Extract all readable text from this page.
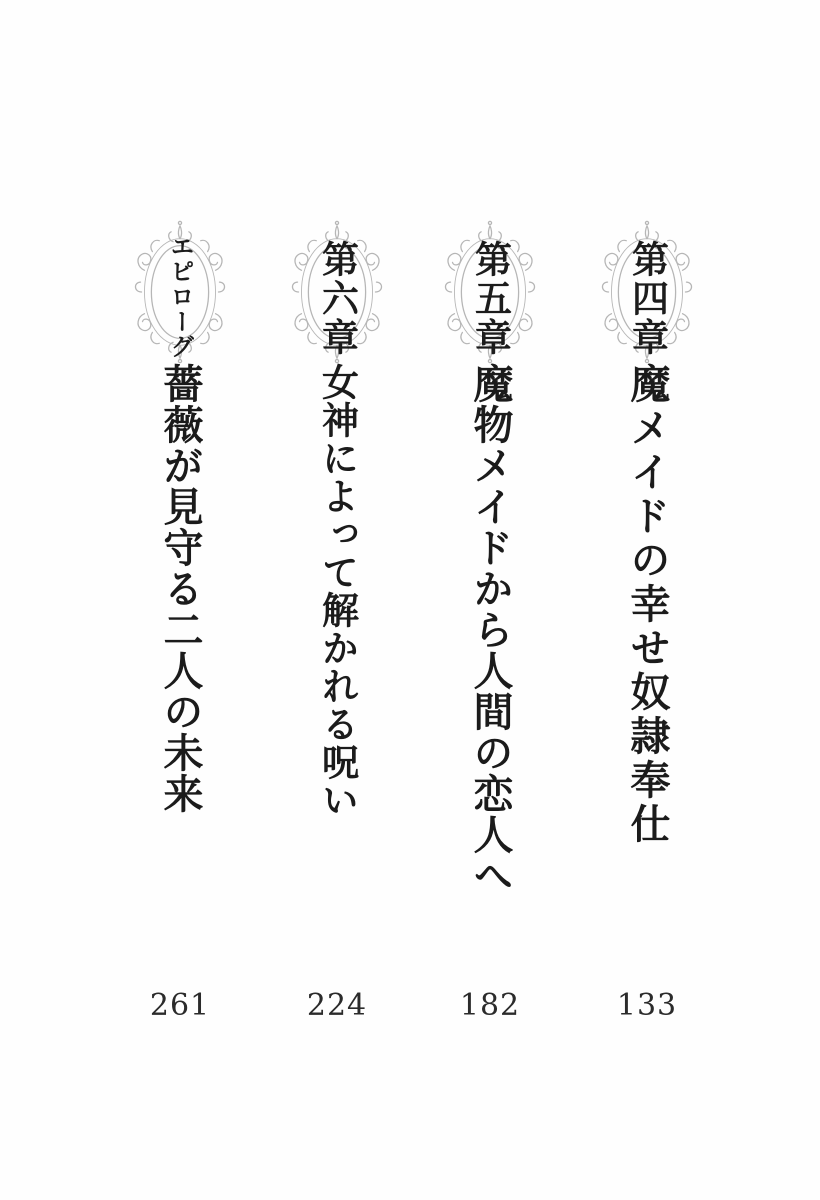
第四章
魔メイドの幸せ奴隷奉仕
133
第五章
魔物メイドから人間の恋人へ
182
第六章
女神によって解かれる呪い
224
エピローグ
薔薇が見守る二人の未来
261
